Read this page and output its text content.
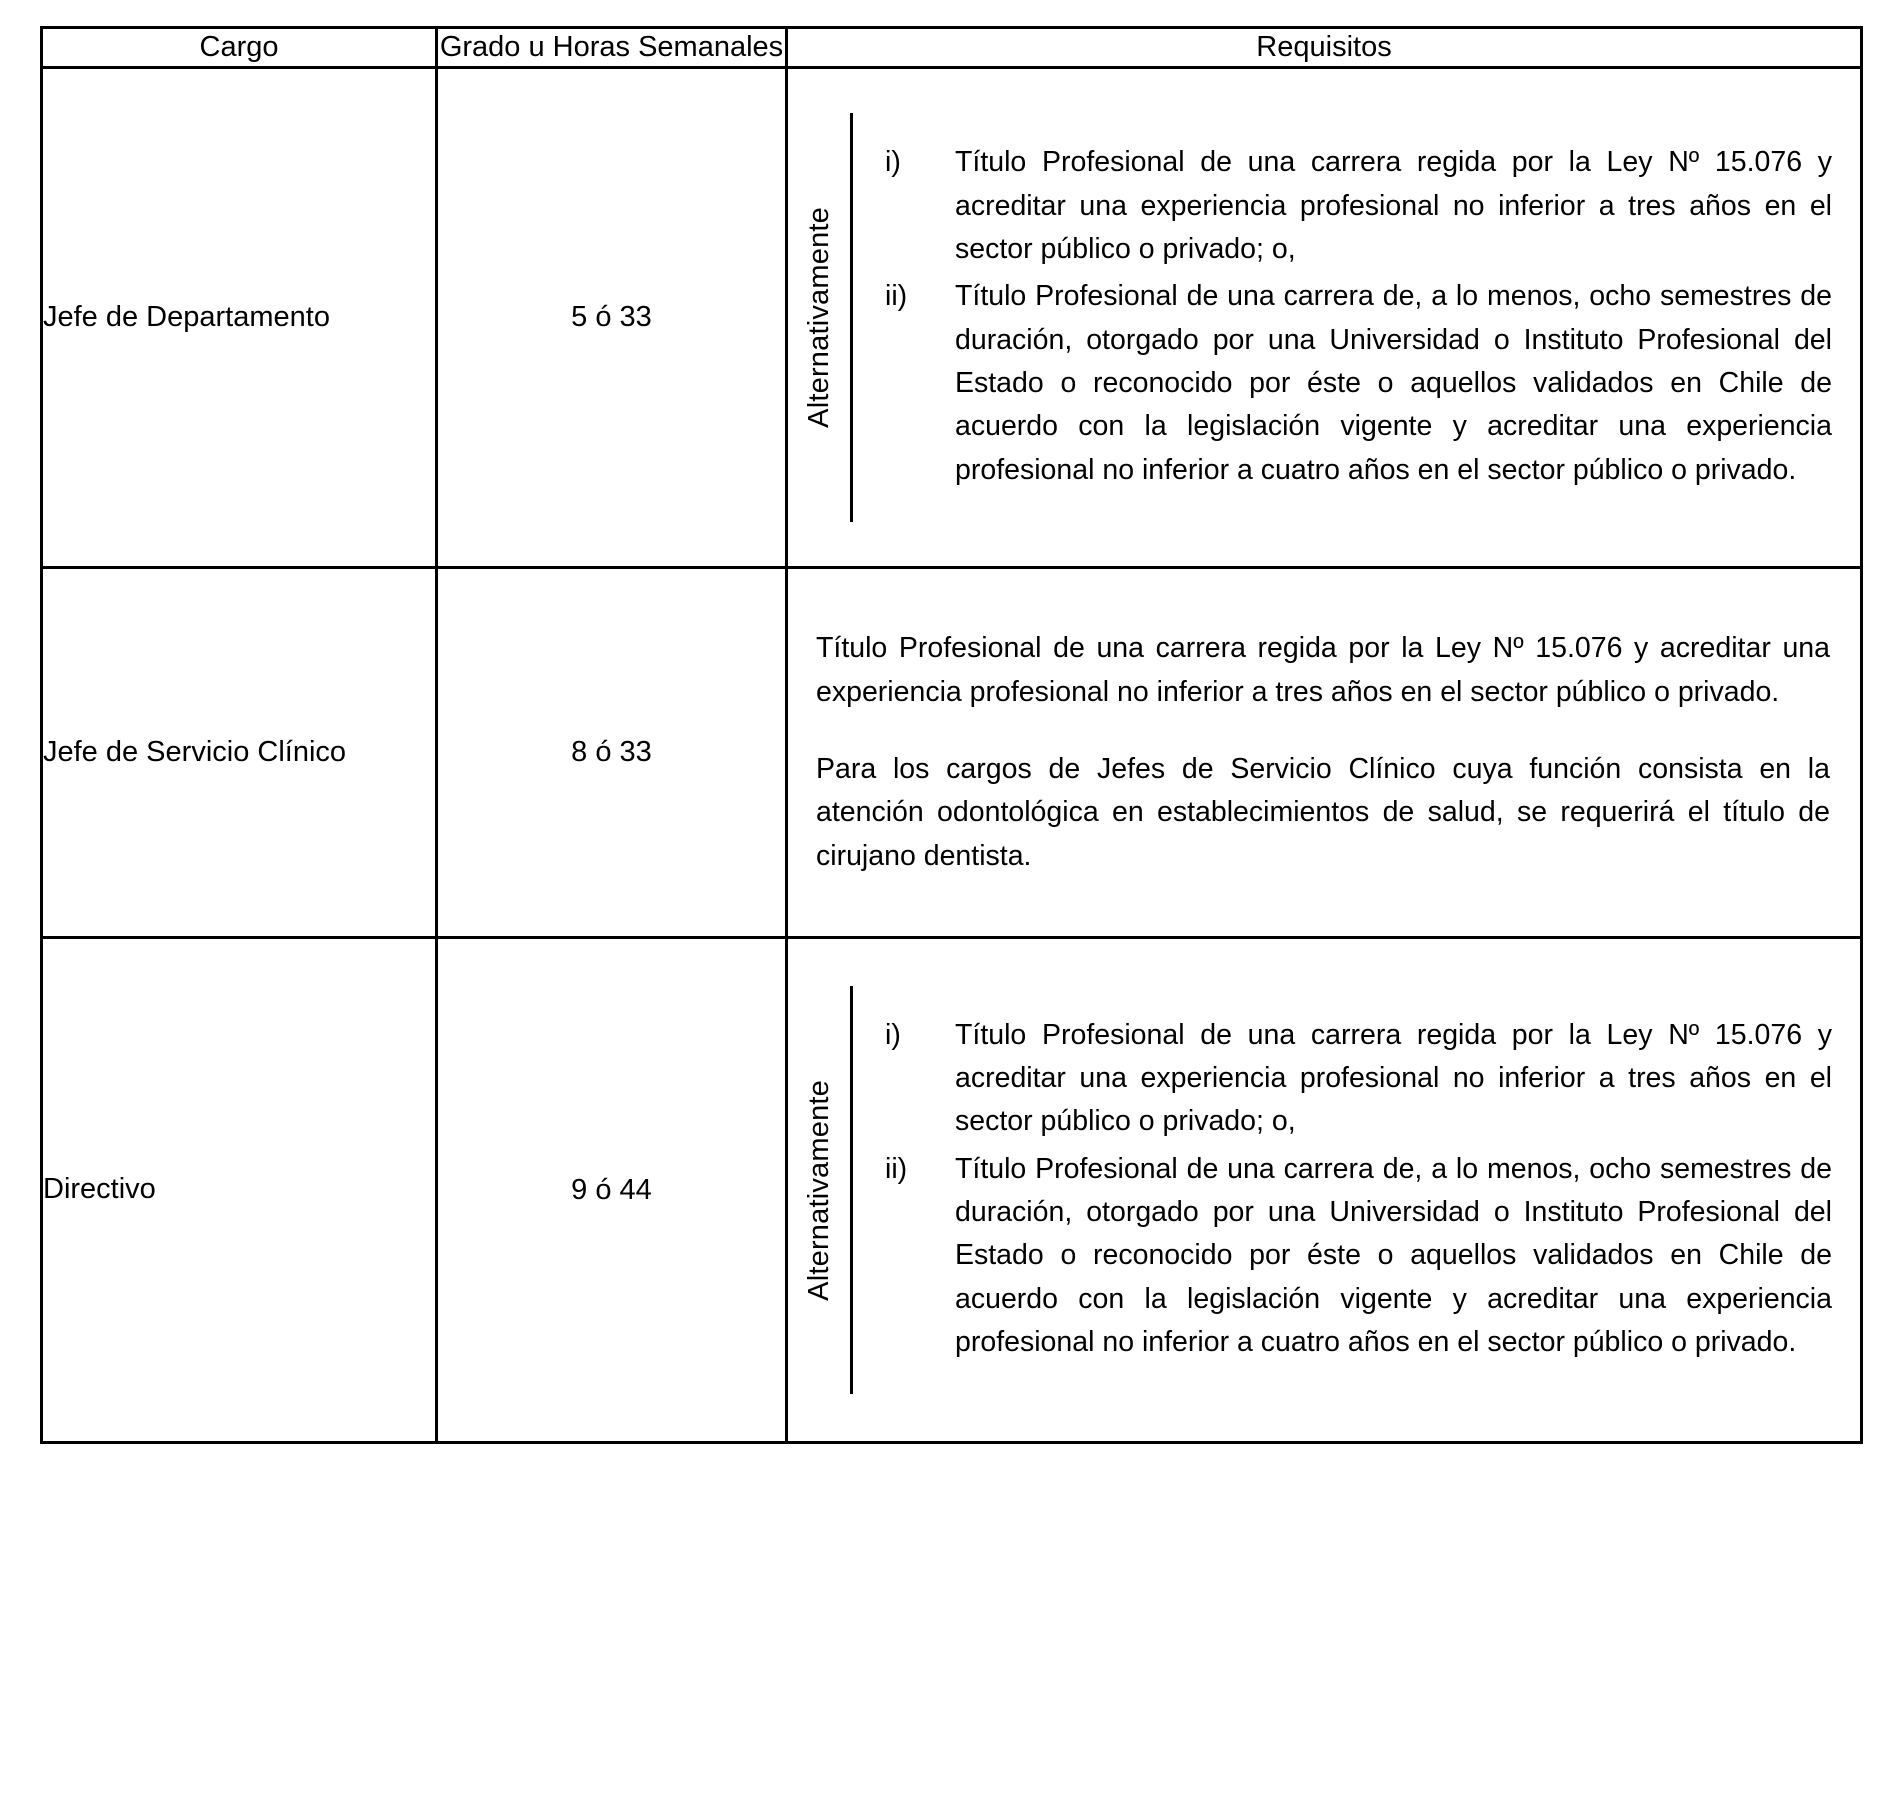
Cargo	Grado u Horas Semanales	Requisitos
Jefe de Departamento	5 ó 33	Alternativamente
i) Título Profesional de una carrera regida por la Ley Nº 15.076 y acreditar una experiencia profesional no inferior a tres años en el sector público o privado; o,
ii) Título Profesional de una carrera de, a lo menos, ocho semestres de duración, otorgado por una Universidad o Instituto Profesional del Estado o reconocido por éste o aquellos validados en Chile de acuerdo con la legislación vigente y acreditar una experiencia profesional no inferior a cuatro años en el sector público o privado.

Jefe de Servicio Clínico	8 ó 33	Título Profesional de una carrera regida por la Ley Nº 15.076 y acreditar una experiencia profesional no inferior a tres años en el sector público o privado.

Para los cargos de Jefes de Servicio Clínico cuya función consista en la atención odontológica en establecimientos de salud, se requerirá el título de cirujano dentista.

Directivo	9 ó 44	Alternativamente
i) Título Profesional de una carrera regida por la Ley Nº 15.076 y acreditar una experiencia profesional no inferior a tres años en el sector público o privado; o,
ii) Título Profesional de una carrera de, a lo menos, ocho semestres de duración, otorgado por una Universidad o Instituto Profesional del Estado o reconocido por éste o aquellos validados en Chile de acuerdo con la legislación vigente y acreditar una experiencia profesional no inferior a cuatro años en el sector público o privado.
